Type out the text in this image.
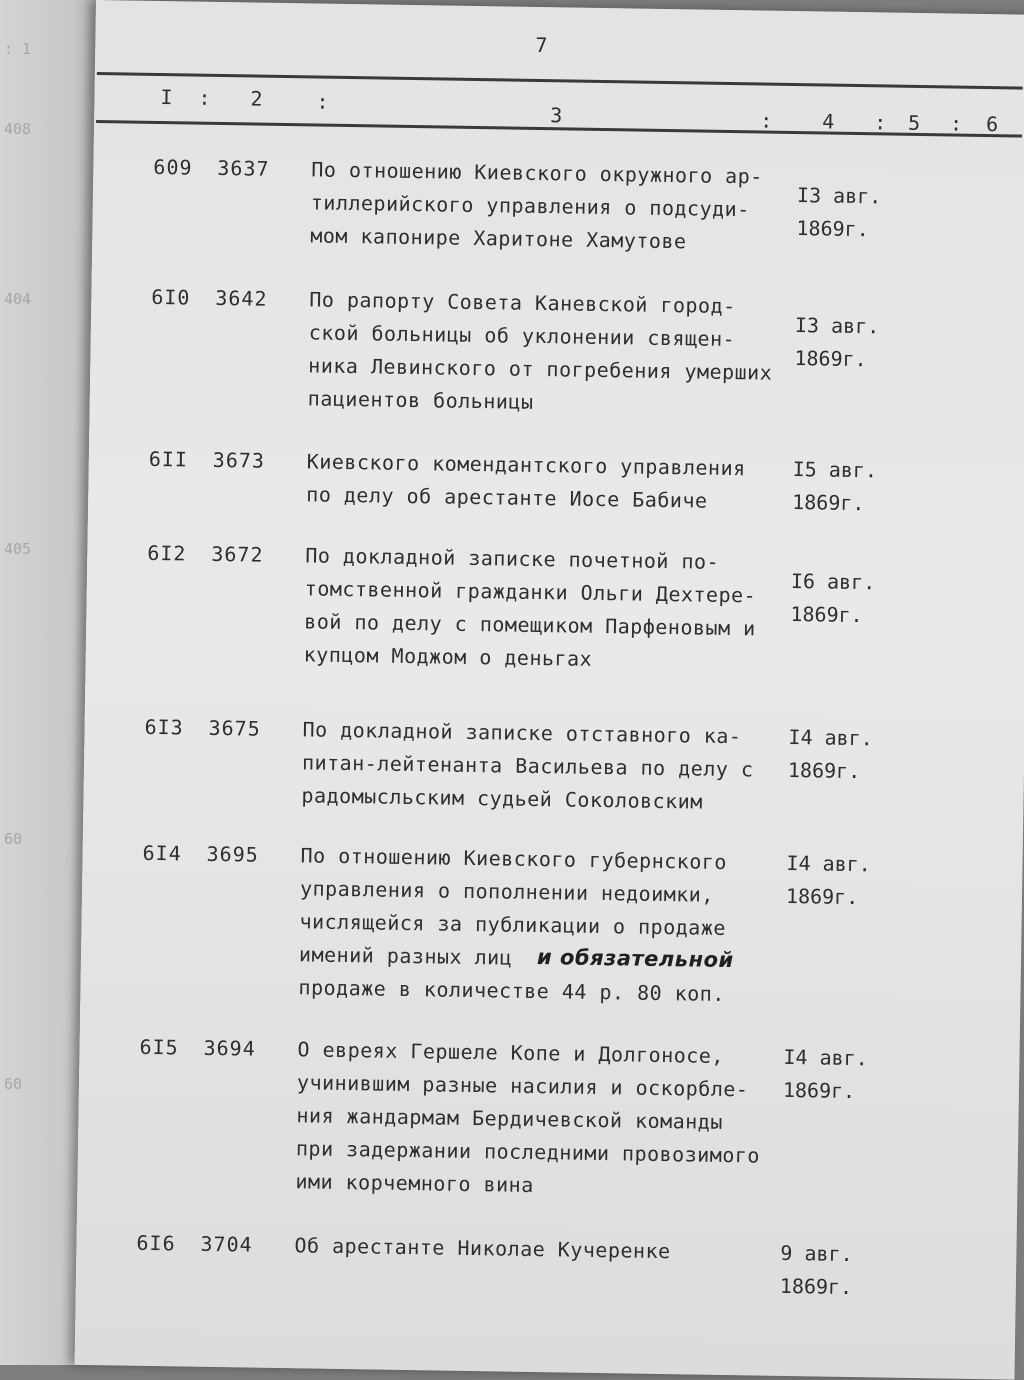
: 1
408
404
405
60
60
7
I : 2	:
3	: 4 : 5 : 6
609 3637 По отношению Киевского окружного ар-
тиллерийского управления о подсуди-
мом капонире Харитоне Хамутове
I3 авг.
1869г.
6I0 3642 По рапорту Совета Каневской город-
ской больницы об уклонении священ-
ника Левинского от погребения умерших
пациентов больницы
I3 авг.
1869г.
6II 3673 Киевского комендантского управления
по делу об арестанте Иосе Бабиче
I5 авг.
1869г.
6I2 3672 По докладной записке почетной по-
томственной гражданки Ольги Дехтере-
вой по делу с помещиком Парфеновым и
купцом Моджом о деньгах
I6 авг.
1869г.
6I3 3675 По докладной записке отставного ка-
питан-лейтенанта Васильева по делу с
радомысльским судьей Соколовским
I4 авг.
1869г.
6I4 3695 По отношению Киевского губернского
управления о пополнении недоимки,
числящейся за публикации о продаже
имений разных лиц	и обязательной
продаже в количестве 44 р. 80 коп.
I4 авг.
1869г.
6I5 3694 О евреях Гершеле Копе и Долгоносе,
учинившим разные насилия и оскорбле-
ния жандармам Бердичевской команды
при задержании последними провозимого
ими корчемного вина
I4 авг.
1869г.
6I6 3704 Об арестанте Николае Кучеренке	9 авг.
1869г.
